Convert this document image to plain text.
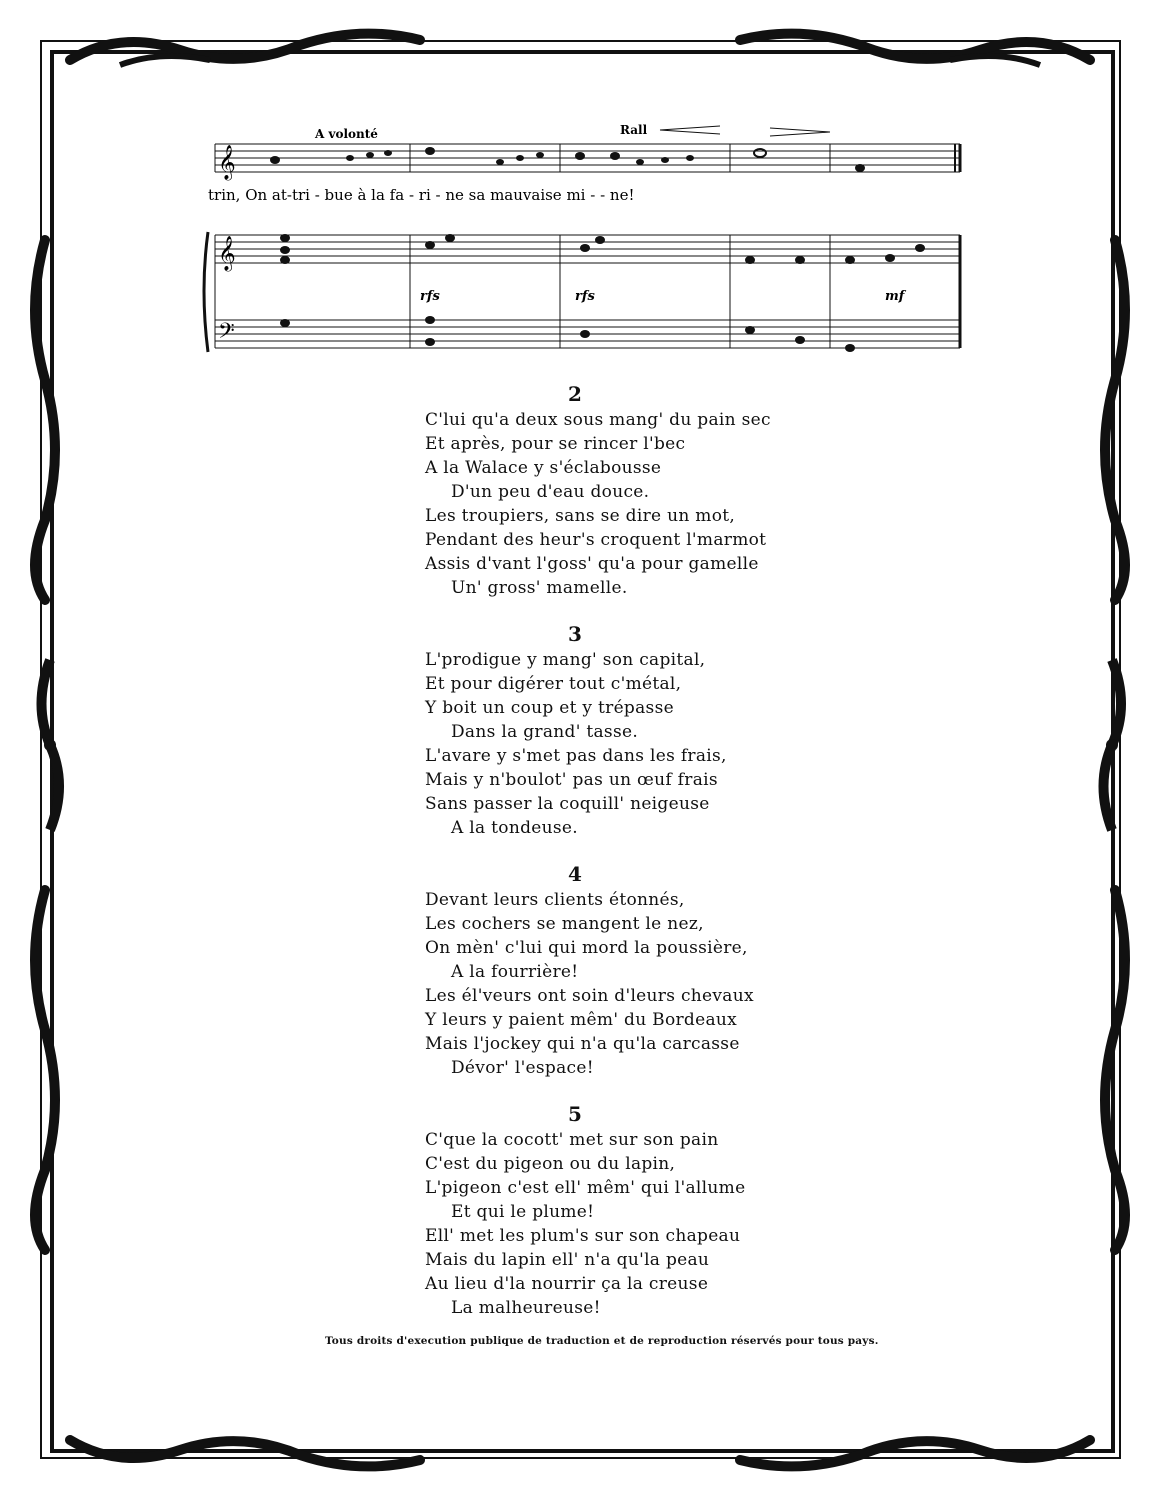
A volonté	Rall
𝄞
trin, On at-tri - bue à la fa - ri - ne sa mauvaise mi - - ne!
𝄞
𝄢
rfs	rfs	mf
2
C'lui qu'a deux sous mang' du pain sec
Et après, pour se rincer l'bec
A la Walace y s'éclabousse
D'un peu d'eau douce.
Les troupiers, sans se dire un mot,
Pendant des heur's croquent l'marmot
Assis d'vant l'goss' qu'a pour gamelle
Un' gross' mamelle.
3
L'prodigue y mang' son capital,
Et pour digérer tout c'métal,
Y boit un coup et y trépasse
Dans la grand' tasse.
L'avare y s'met pas dans les frais,
Mais y n'boulot' pas un œuf frais
Sans passer la coquill' neigeuse
A la tondeuse.
4
Devant leurs clients étonnés,
Les cochers se mangent le nez,
On mèn' c'lui qui mord la poussière,
A la fourrière!
Les él'veurs ont soin d'leurs chevaux
Y leurs y paient mêm' du Bordeaux
Mais l'jockey qui n'a qu'la carcasse
Dévor' l'espace!
5
C'que la cocott' met sur son pain
C'est du pigeon ou du lapin,
L'pigeon c'est ell' mêm' qui l'allume
Et qui le plume!
Ell' met les plum's sur son chapeau
Mais du lapin ell' n'a qu'la peau
Au lieu d'la nourrir ça la creuse
La malheureuse!
Tous droits d'execution publique de traduction et de reproduction réservés pour tous pays.
